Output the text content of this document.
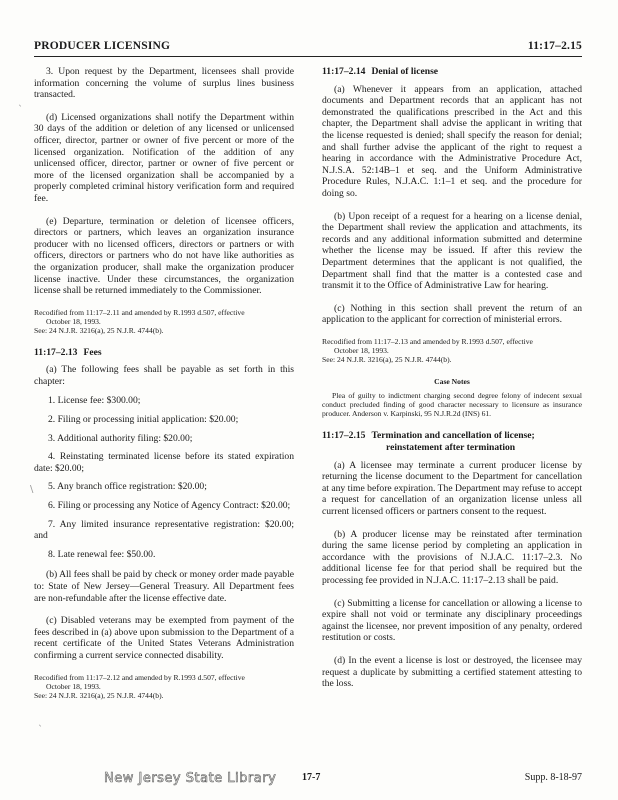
PRODUCER LICENSING	11:17–2.15
ˎ
\
ˎ

3. Upon request by the Department, licensees shall provide information concerning the volume of surplus lines business transacted.

(d) Licensed organizations shall notify the Department within 30 days of the addition or deletion of any licensed or unlicensed officer, director, partner or owner of five percent or more of the licensed organization. Notification of the addition of any unlicensed officer, director, partner or owner of five percent or more of the licensed organization shall be accompanied by a properly completed criminal history verification form and required fee.

(e) Departure, termination or deletion of licensee officers, directors or partners, which leaves an organization insurance producer with no licensed officers, directors or partners or with officers, directors or partners who do not have like authorities as the organization producer, shall make the organization producer license inactive. Under these circumstances, the organization license shall be returned immediately to the Commissioner.

Recodified from 11:17–2.11 and amended by R.1993 d.507, effective
October 18, 1993.
See: 24 N.J.R. 3216(a), 25 N.J.R. 4744(b).
11:17–2.13 Fees

(a) The following fees shall be payable as set forth in this chapter:

1. License fee: $300.00;
2. Filing or processing initial application: $20.00;
3. Additional authority filing: $20.00;
4. Reinstating terminated license before its stated expiration date: $20.00;
5. Any branch office registration: $20.00;
6. Filing or processing any Notice of Agency Contract: $20.00;
7. Any limited insurance representative registration: $20.00; and
8. Late renewal fee: $50.00.

(b) All fees shall be paid by check or money order made payable to: State of New Jersey—General Treasury. All Department fees are non-refundable after the license effective date.

(c) Disabled veterans may be exempted from payment of the fees described in (a) above upon submission to the Department of a recent certificate of the United States Veterans Administration confirming a current service connected disability.

Recodified from 11:17–2.12 and amended by R.1993 d.507, effective
October 18, 1993.
See: 24 N.J.R. 3216(a), 25 N.J.R. 4744(b).
11:17–2.14 Denial of license

(a) Whenever it appears from an application, attached documents and Department records that an applicant has not demonstrated the qualifications prescribed in the Act and this chapter, the Department shall advise the applicant in writing that the license requested is denied; shall specify the reason for denial; and shall further advise the applicant of the right to request a hearing in accordance with the Administrative Procedure Act, N.J.S.A. 52:14B–1 et seq. and the Uniform Administrative Procedure Rules, N.J.A.C. 1:1–1 et seq. and the procedure for doing so.

(b) Upon receipt of a request for a hearing on a license denial, the Department shall review the application and attachments, its records and any additional information submitted and determine whether the license may be issued. If after this review the Department determines that the applicant is not qualified, the Department shall find that the matter is a contested case and transmit it to the Office of Administrative Law for hearing.

(c) Nothing in this section shall prevent the return of an application to the applicant for correction of ministerial errors.

Recodified from 11:17–2.13 and amended by R.1993 d.507, effective
October 18, 1993.
See: 24 N.J.R. 3216(a), 25 N.J.R. 4744(b).
Case Notes
Plea of guilty to indictment charging second degree felony of indecent sexual conduct precluded finding of good character necessary to licensure as insurance producer. Anderson v. Karpinski, 95 N.J.R.2d (INS) 61.
11:17–2.15 Termination and cancellation of license;
reinstatement after termination

(a) A licensee may terminate a current producer license by returning the license document to the Department for cancellation at any time before expiration. The Department may refuse to accept a request for cancellation of an organization license unless all current licensed officers or partners consent to the request.

(b) A producer license may be reinstated after termination during the same license period by completing an application in accordance with the provisions of N.J.A.C. 11:17–2.3. No additional license fee for that period shall be required but the processing fee provided in N.J.A.C. 11:17–2.13 shall be paid.

(c) Submitting a license for cancellation or allowing a license to expire shall not void or terminate any disciplinary proceedings against the licensee, nor prevent imposition of any penalty, ordered restitution or costs.

(d) In the event a license is lost or destroyed, the licensee may request a duplicate by submitting a certified statement attesting to the loss.

New Jersey State Library	17-7	Supp. 8-18-97
